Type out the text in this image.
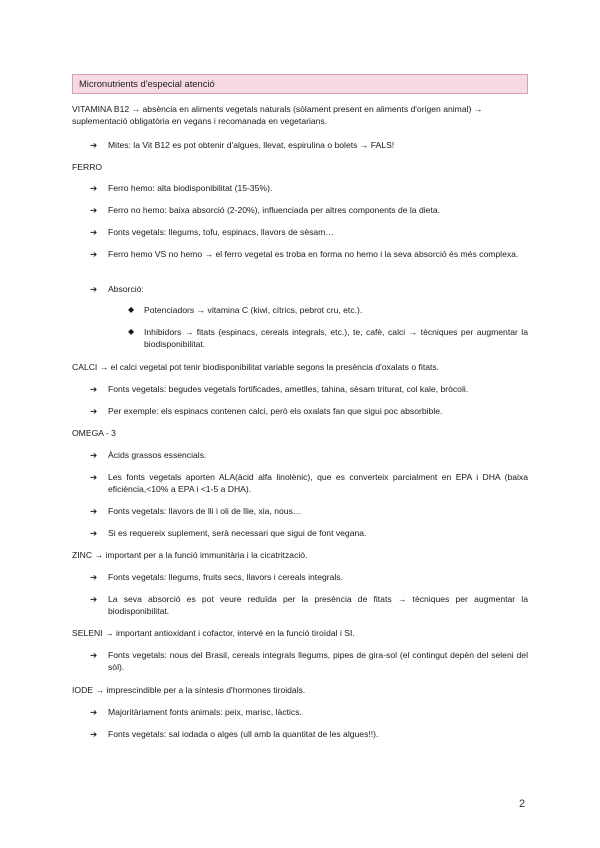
Micronutrients d'especial atenció

VITAMINA B12 → absència en aliments vegetals naturals (sòlament present en aliments d'origen animal) → suplementació obligatòria en vegans i recomanada en vegetarians.

➔ Mites: la Vit B12 es pot obtenir d'algues, llevat, espirulina o bolets → FALS!
FERRO
➔ Ferro hemo: alta biodisponibilitat (15-35%).
➔ Ferro no hemo: baixa absorció (2-20%), influenciada per altres components de la dieta.
➔ Fonts vegetals: llegums, tofu, espinacs, llavors de sèsam…
➔ Ferro hemo VS no hemo → el ferro vegetal es troba en forma no hemo i la seva absorció és més complexa.
➔ Absorció:
◆ Potenciadors → vitamina C (kiwi, cítrics, pebrot cru, etc.).
◆ Inhibidors → fitats (espinacs, cereals integrals, etc.), te, cafè, calci → tècniques per augmentar la biodisponibilitat.
CALCI → el calci vegetal pot tenir biodisponibilitat variable segons la presència d'oxalats o fitats.
➔ Fonts vegetals: begudes vegetals fortificades, ametlles, tahina, sèsam triturat, col kale, bròcoli.
➔ Per exemple: els espinacs contenen calci, però els oxalats fan que sigui poc absorbible.
OMEGA - 3
➔ Àcids grassos essencials.
➔ Les fonts vegetals aporten ALA(àcid alfa linolènic), que es converteix parcialment en EPA i DHA (baixa eficiència,<10% a EPA i <1-5 a DHA).
➔ Fonts vegetals: llavors de lli i oli de llie, xia, nous…
➔ Si es requereix suplement, serà necessari que sigui de font vegana.
ZINC → important per a la funció immunitària i la cicatrització.
➔ Fonts vegetals: llegums, fruits secs, llavors i cereals integrals.
➔ La seva absorció es pot veure reduïda per la presència de fitats → tècniques per augmentar la biodisponibilitat.
SELENI → important antioxidant i cofactor, intervé en la funció tiroïdal i SI.
➔ Fonts vegetals: nous del Brasil, cereals integrals llegums, pipes de gira-sol (el contingut depèn del seleni del sòl).
IODE → imprescindible per a la síntesis d'hormones tiroidals.
➔ Majoritàriament fonts animals: peix, marisc, làctics.
➔ Fonts vegetals: sal iodada o alges (ull amb la quantitat de les algues!!).
2
